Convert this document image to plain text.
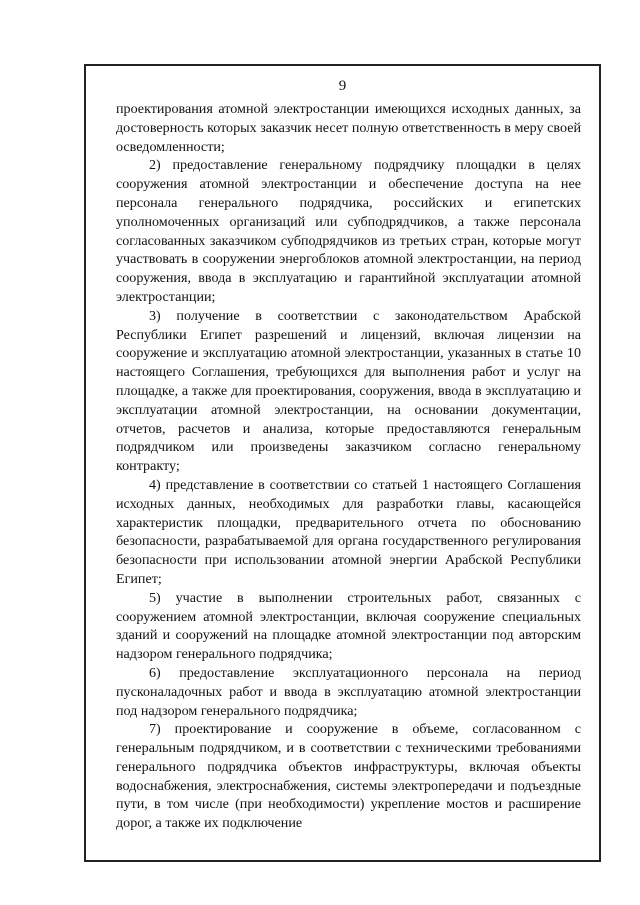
9

проектирования атомной электростанции имеющихся исходных данных, за достоверность которых заказчик несет полную ответственность в меру своей осведомленности;

2) предоставление генеральному подрядчику площадки в целях сооружения атомной электростанции и обеспечение доступа на нее персонала генерального подрядчика, российских и египетских уполномоченных организаций или субподрядчиков, а также персонала согласованных заказчиком субподрядчиков из третьих стран, которые могут участвовать в сооружении энергоблоков атомной электростанции, на период сооружения, ввода в эксплуатацию и гарантийной эксплуатации атомной электростанции;

3) получение в соответствии с законодательством Арабской Республики Египет разрешений и лицензий, включая лицензии на сооружение и эксплуатацию атомной электростанции, указанных в статье 10 настоящего Соглашения, требующихся для выполнения работ и услуг на площадке, а также для проектирования, сооружения, ввода в эксплуатацию и эксплуатации атомной электростанции, на основании документации, отчетов, расчетов и анализа, которые предоставляются генеральным подрядчиком или произведены заказчиком согласно генеральному контракту;

4) представление в соответствии со статьей 1 настоящего Соглашения исходных данных, необходимых для разработки главы, касающейся характеристик площадки, предварительного отчета по обоснованию безопасности, разрабатываемой для органа государственного регулирования безопасности при использовании атомной энергии Арабской Республики Египет;

5) участие в выполнении строительных работ, связанных с сооружением атомной электростанции, включая сооружение специальных зданий и сооружений на площадке атомной электростанции под авторским надзором генерального подрядчика;

6) предоставление эксплуатационного персонала на период пусконаладочных работ и ввода в эксплуатацию атомной электростанции под надзором генерального подрядчика;

7) проектирование и сооружение в объеме, согласованном с генеральным подрядчиком, и в соответствии с техническими требованиями генерального подрядчика объектов инфраструктуры, включая объекты водоснабжения, электроснабжения, системы электропередачи и подъездные пути, в том числе (при необходимости) укрепление мостов и расширение дорог, а также их подключение
